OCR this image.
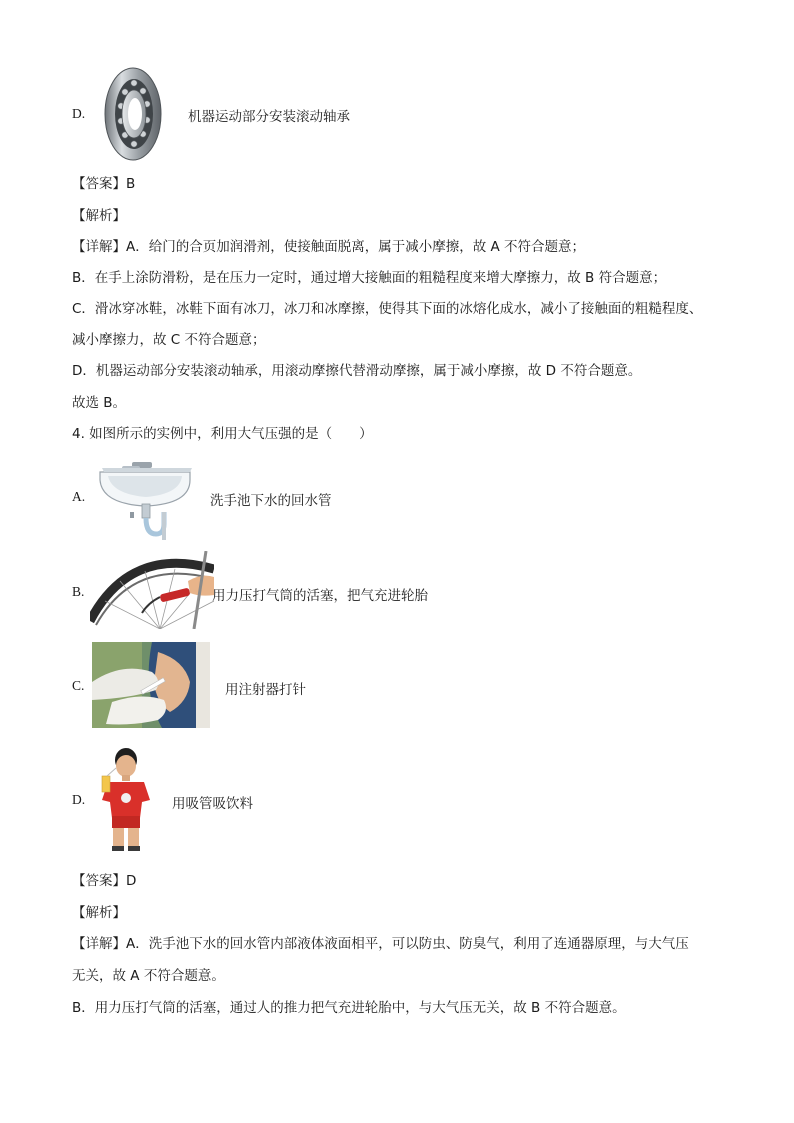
D.	机器运动部分安装滚动轴承
【答案】B
【解析】
【详解】A．给门的合页加润滑剂，使接触面脱离，属于减小摩擦，故 A 不符合题意；
B．在手上涂防滑粉，是在压力一定时，通过增大接触面的粗糙程度来增大摩擦力，故 B 符合题意；
C．滑冰穿冰鞋，冰鞋下面有冰刀，冰刀和冰摩擦，使得其下面的冰熔化成水，减小了接触面的粗糙程度、
减小摩擦力，故 C 不符合题意；
D．机器运动部分安装滚动轴承，用滚动摩擦代替滑动摩擦，属于减小摩擦，故 D 不符合题意。
故选 B。
4. 如图所示的实例中，利用大气压强的是（　　）
A.	洗手池下水的回水管
B.	用力压打气筒的活塞，把气充进轮胎
C.	用注射器打针
D.	用吸管吸饮料
【答案】D
【解析】
【详解】A．洗手池下水的回水管内部液体液面相平，可以防虫、防臭气，利用了连通器原理，与大气压
无关，故 A 不符合题意。
B．用力压打气筒的活塞，通过人的推力把气充进轮胎中，与大气压无关，故 B 不符合题意。
